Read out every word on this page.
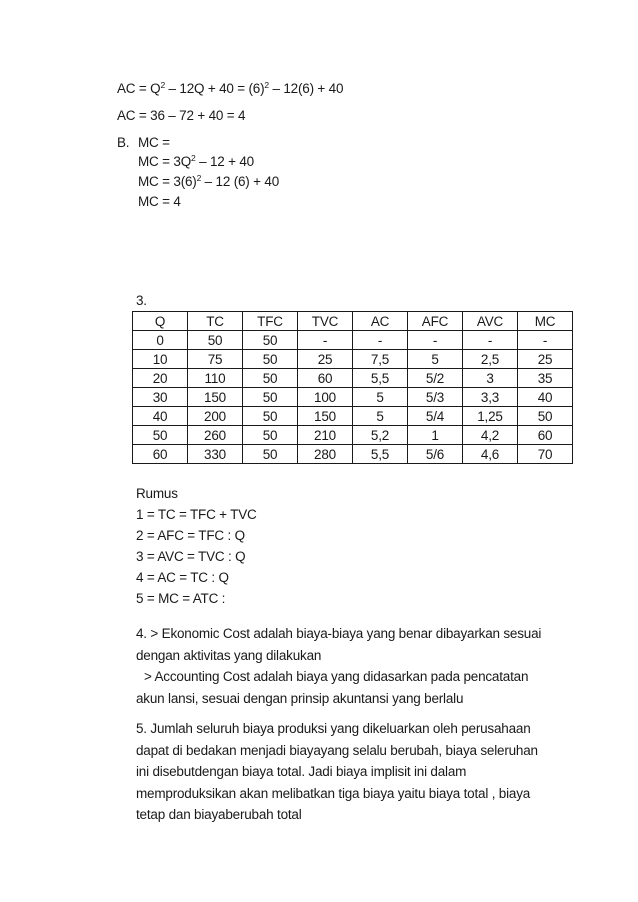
AC = $Q^2 - 12Q + 40 = (6)^2 - 12(6) + 40$
AC = 36 – 72 + 40 = 4
B. MC =
MC = $3Q^2 - 12 + 40$
MC = $3(6)^2 - 12$ (6) + 40
MC = 4
3.
Q	TC	TFC	TVC	AC	AFC	AVC	MC
0	50	50	-	-	-	-	-
10	75	50	25	7,5	5	2,5	25
20	110	50	60	5,5	5/2	3	35
30	150	50	100	5	5/3	3,3	40
40	200	50	150	5	5/4	1,25	50
50	260	50	210	5,2	1	4,2	60
60	330	50	280	5,5	5/6	4,6	70
Rumus
1 = TC = TFC + TVC
2 = AFC = TFC : Q
3 = AVC = TVC : Q
4 = AC = TC : Q
5 = MC = ATC :
4. > Ekonomic Cost adalah biaya-biaya yang benar dibayarkan sesuai
dengan aktivitas yang dilakukan
> Accounting Cost adalah biaya yang didasarkan pada pencatatan
akun lansi, sesuai dengan prinsip akuntansi yang berlalu
5. Jumlah seluruh biaya produksi yang dikeluarkan oleh perusahaan
dapat di bedakan menjadi biayayang selalu berubah, biaya seleruhan
ini disebutdengan biaya total. Jadi biaya implisit ini dalam
memproduksikan akan melibatkan tiga biaya yaitu biaya total , biaya
tetap dan biayaberubah total
